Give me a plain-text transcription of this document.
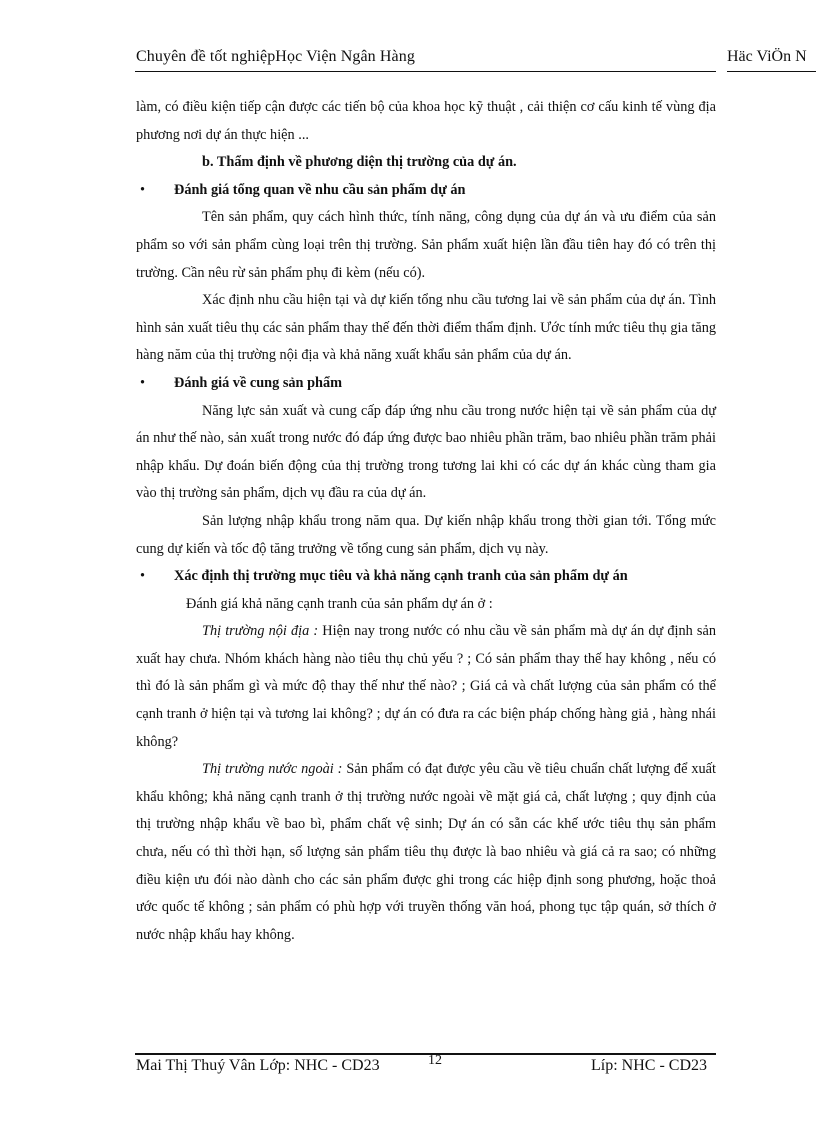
Chuyên đề tốt nghiệpHọc Viện Ngân Hàng	Häc ViÖn N

làm, có điều kiện tiếp cận được các tiến bộ của khoa học kỹ thuật , cải thiện cơ cấu kinh tế vùng địa phương nơi dự án thực hiện ...

b. Thẩm định về phương diện thị trường của dự án.

• Đánh giá tổng quan về nhu cầu sản phẩm dự án

Tên sản phẩm, quy cách hình thức, tính năng, công dụng của dự án và ưu điểm của sản phẩm so với sản phẩm cùng loại trên thị trường. Sản phẩm xuất hiện lần đầu tiên hay đó có trên thị trường. Cần nêu rừ sản phẩm phụ đi kèm (nếu có).

Xác định nhu cầu hiện tại và dự kiến tổng nhu cầu tương lai về sản phẩm của dự án. Tình hình sản xuất tiêu thụ các sản phẩm thay thế đến thời điểm thẩm định. Ước tính mức tiêu thụ gia tăng hàng năm của thị trường nội địa và khả năng xuất khẩu sản phẩm của dự án.

• Đánh giá về cung sản phẩm

Năng lực sản xuất và cung cấp đáp ứng nhu cầu trong nước hiện tại về sản phẩm của dự án như thế nào, sản xuất trong nước đó đáp ứng được bao nhiêu phần trăm, bao nhiêu phần trăm phải nhập khẩu. Dự đoán biến động của thị trường trong tương lai khi có các dự án khác cùng tham gia vào thị trường sản phẩm, dịch vụ đầu ra của dự án.

Sản lượng nhập khẩu trong năm qua. Dự kiến nhập khẩu trong thời gian tới. Tổng mức cung dự kiến và tốc độ tăng trưởng về tổng cung sản phẩm, dịch vụ này.

• Xác định thị trường mục tiêu và khả năng cạnh tranh của sản phẩm dự án

Đánh giá khả năng cạnh tranh của sản phẩm dự án ở :

Thị trường nội địa : Hiện nay trong nước có nhu cầu về sản phẩm mà dự án dự định sản xuất hay chưa. Nhóm khách hàng nào tiêu thụ chủ yếu ? ; Có sản phẩm thay thế hay không , nếu có thì đó là sản phẩm gì và mức độ thay thế như thế nào? ; Giá cả và chất lượng của sản phẩm có thể cạnh tranh ở hiện tại và tương lai không? ; dự án có đưa ra các biện pháp chống hàng giả , hàng nhái không?

Thị trường nước ngoài : Sản phẩm có đạt được yêu cầu về tiêu chuẩn chất lượng để xuất khẩu không; khả năng cạnh tranh ở thị trường nước ngoài về mặt giá cả, chất lượng ; quy định của thị trường nhập khẩu về bao bì, phẩm chất vệ sinh; Dự án có sẵn các khế ước tiêu thụ sản phẩm chưa, nếu có thì thời hạn, số lượng sản phẩm tiêu thụ được là bao nhiêu và giá cả ra sao; có những điều kiện ưu đói nào dành cho các sản phẩm được ghi trong các hiệp định song phương, hoặc thoả ước quốc tế không ; sản phẩm có phù hợp với truyền thống văn hoá, phong tục tập quán, sở thích ở nước nhập khẩu hay không.

Mai Thị Thuý Vân Lớp: NHC - CD23	12	Líp: NHC - CD23
